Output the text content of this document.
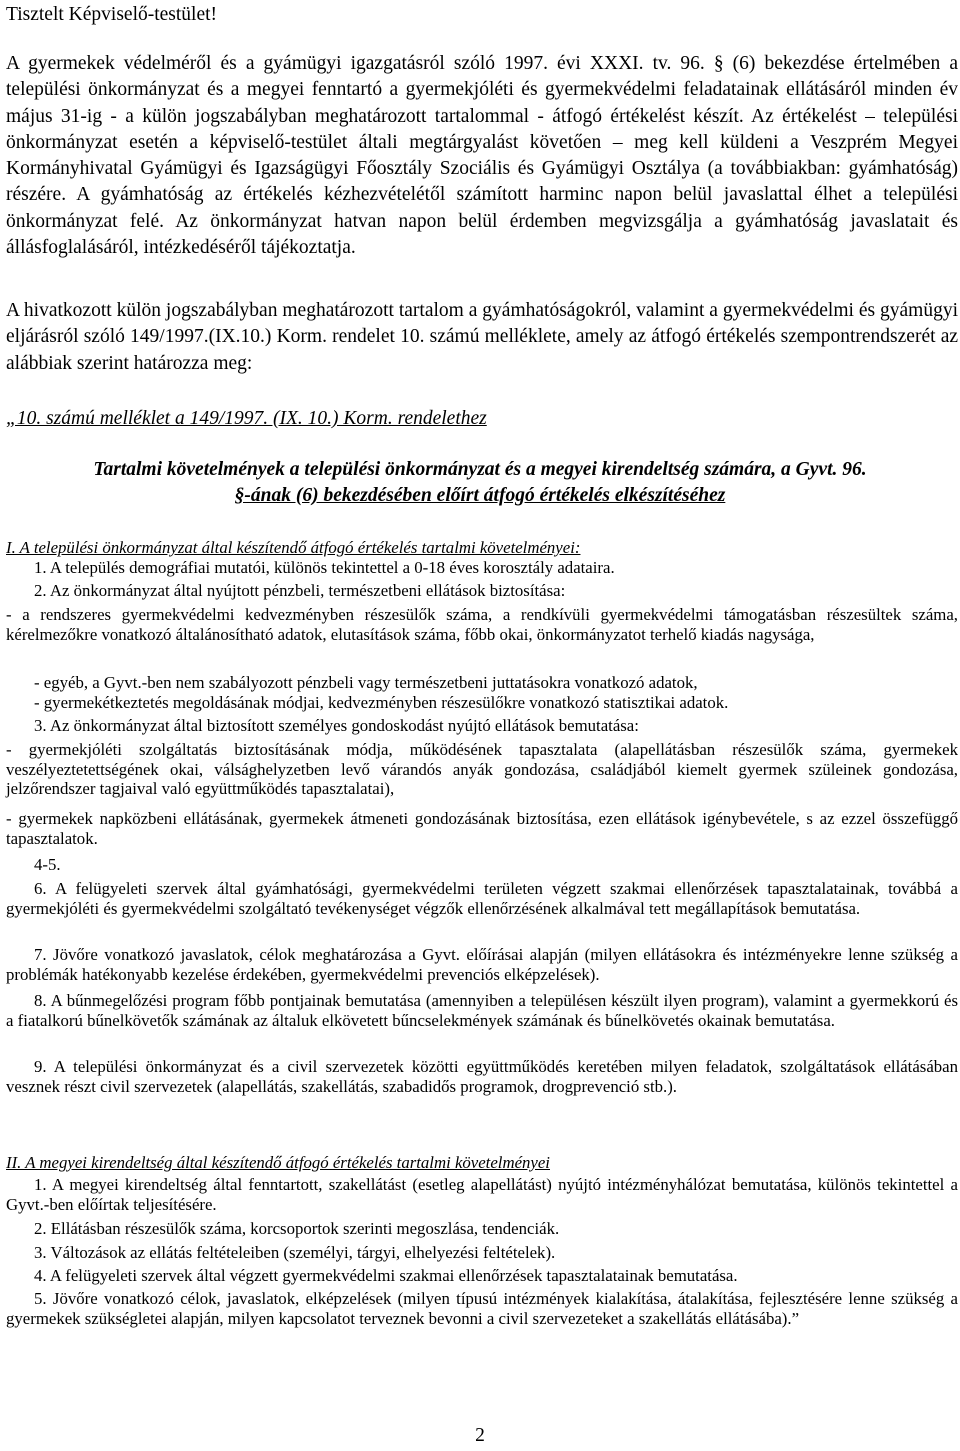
Tisztelt Képviselő-testület!

A gyermekek védelméről és a gyámügyi igazgatásról szóló 1997. évi XXXI. tv. 96. § (6) bekezdése értelmében a települési önkormányzat és a megyei fenntartó a gyermekjóléti és gyermekvédelmi feladatainak ellátásáról minden év május 31-ig - a külön jogszabályban meghatározott tartalommal - átfogó értékelést készít. Az értékelést – települési önkormányzat esetén a képviselő-testület általi megtárgyalást követően – meg kell küldeni a Veszprém Megyei Kormányhivatal Gyámügyi és Igazságügyi Főosztály Szociális és Gyámügyi Osztálya (a továbbiakban: gyámhatóság) részére. A gyámhatóság az értékelés kézhezvételétől számított harminc napon belül javaslattal élhet a települési önkormányzat felé. Az önkormányzat hatvan napon belül érdemben megvizsgálja a gyámhatóság javaslatait és állásfoglalásáról, intézkedéséről tájékoztatja.

A hivatkozott külön jogszabályban meghatározott tartalom a gyámhatóságokról, valamint a gyermekvédelmi és gyámügyi eljárásról szóló 149/1997.(IX.10.) Korm. rendelet 10. számú melléklete, amely az átfogó értékelés szempontrendszerét az alábbiak szerint határozza meg:

„10. számú melléklet a 149/1997. (IX. 10.) Korm. rendelethez

Tartalmi követelmények a települési önkormányzat és a megyei kirendeltség számára, a Gyvt. 96.

§-ának (6) bekezdésében előírt átfogó értékelés elkészítéséhez

I. A települési önkormányzat által készítendő átfogó értékelés tartalmi követelményei:

1. A település demográfiai mutatói, különös tekintettel a 0-18 éves korosztály adataira.

2. Az önkormányzat által nyújtott pénzbeli, természetbeni ellátások biztosítása:

- a rendszeres gyermekvédelmi kedvezményben részesülők száma, a rendkívüli gyermekvédelmi támogatásban részesültek száma, kérelmezőkre vonatkozó általánosítható adatok, elutasítások száma, főbb okai, önkormányzatot terhelő kiadás nagysága,

- egyéb, a Gyvt.-ben nem szabályozott pénzbeli vagy természetbeni juttatásokra vonatkozó adatok,

- gyermekétkeztetés megoldásának módjai, kedvezményben részesülőkre vonatkozó statisztikai adatok.

3. Az önkormányzat által biztosított személyes gondoskodást nyújtó ellátások bemutatása:

- gyermekjóléti szolgáltatás biztosításának módja, működésének tapasztalata (alapellátásban részesülők száma, gyermekek veszélyeztetettségének okai, válsághelyzetben levő várandós anyák gondozása, családjából kiemelt gyermek szüleinek gondozása, jelzőrendszer tagjaival való együttműködés tapasztalatai),

- gyermekek napközbeni ellátásának, gyermekek átmeneti gondozásának biztosítása, ezen ellátások igénybevétele, s az ezzel összefüggő tapasztalatok.

4-5.

6. A felügyeleti szervek által gyámhatósági, gyermekvédelmi területen végzett szakmai ellenőrzések tapasztalatainak, továbbá a gyermekjóléti és gyermekvédelmi szolgáltató tevékenységet végzők ellenőrzésének alkalmával tett megállapítások bemutatása.

7. Jövőre vonatkozó javaslatok, célok meghatározása a Gyvt. előírásai alapján (milyen ellátásokra és intézményekre lenne szükség a problémák hatékonyabb kezelése érdekében, gyermekvédelmi prevenciós elképzelések).

8. A bűnmegelőzési program főbb pontjainak bemutatása (amennyiben a településen készült ilyen program), valamint a gyermekkorú és a fiatalkorú bűnelkövetők számának az általuk elkövetett bűncselekmények számának és bűnelkövetés okainak bemutatása.

9. A települési önkormányzat és a civil szervezetek közötti együttműködés keretében milyen feladatok, szolgáltatások ellátásában vesznek részt civil szervezetek (alapellátás, szakellátás, szabadidős programok, drogprevenció stb.).

II. A megyei kirendeltség által készítendő átfogó értékelés tartalmi követelményei

1. A megyei kirendeltség által fenntartott, szakellátást (esetleg alapellátást) nyújtó intézményhálózat bemutatása, különös tekintettel a Gyvt.-ben előírtak teljesítésére.

2. Ellátásban részesülők száma, korcsoportok szerinti megoszlása, tendenciák.

3. Változások az ellátás feltételeiben (személyi, tárgyi, elhelyezési feltételek).

4. A felügyeleti szervek által végzett gyermekvédelmi szakmai ellenőrzések tapasztalatainak bemutatása.

5. Jövőre vonatkozó célok, javaslatok, elképzelések (milyen típusú intézmények kialakítása, átalakítása, fejlesztésére lenne szükség a gyermekek szükségletei alapján, milyen kapcsolatot terveznek bevonni a civil szervezeteket a szakellátás ellátásába).”

2
